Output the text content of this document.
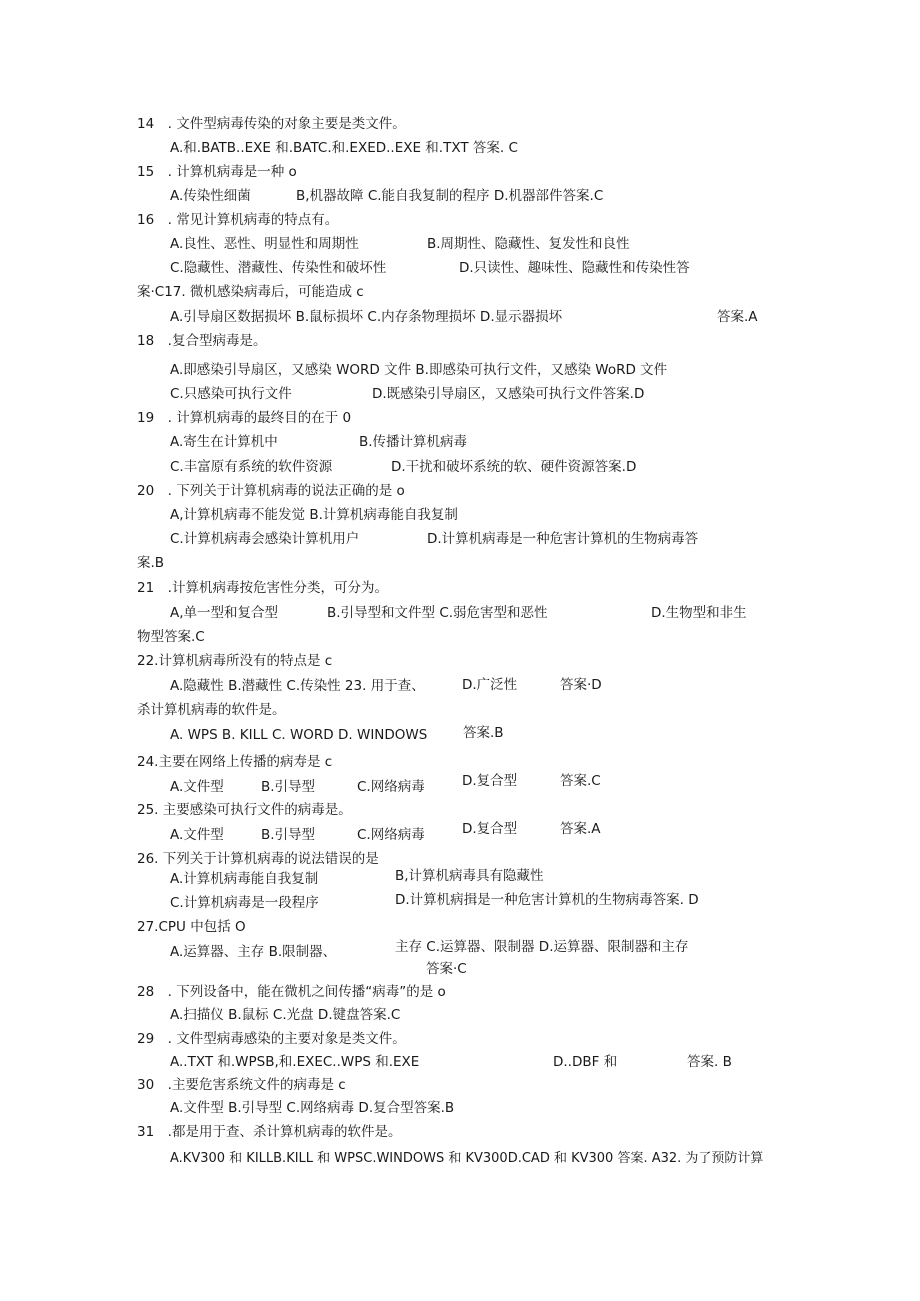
14　. 文件型病毒传染的对象主要是类文件。
A.和.BATB..EXE 和.BATC.和.EXED..EXE 和.TXT 答案. C
15　. 计算机病毒是一种 o
A.传染性细菌	B,机器故障 C.能自我复制的程序 D.机器部件答案.C
16　. 常见计算机病毒的特点有。
A.良性、恶性、明显性和周期性	B.周期性、隐藏性、复发性和良性
C.隐藏性、潜藏性、传染性和破坏性	D.只读性、趣味性、隐藏性和传染性答
案·C17. 微机感染病毒后，可能造成 c
A.引导扇区数据损坏 B.鼠标损坏 C.内存条物理损坏 D.显示器损坏	答案.A
18　.复合型病毒是。
A.即感染引导扇区，又感染 WORD 文件 B.即感染可执行文件，又感染 WoRD 文件
C.只感染可执行文件	D.既感染引导扇区，又感染可执行文件答案.D
19　. 计算机病毒的最终目的在于 0
A.寄生在计算机中	B.传播计算机病毒
C.丰富原有系统的软件资源	D.干扰和破坏系统的软、硬件资源答案.D
20　. 下列关于计算机病毒的说法正确的是 o
A,计算机病毒不能发觉 B.计算机病毒能自我复制
C.计算机病毒会感染计算机用户	D.计算机病毒是一种危害计算机的生物病毒答
案.B
21　.计算机病毒按危害性分类，可分为。
A,单一型和复合型	B.引导型和文件型 C.弱危害型和恶性	D.生物型和非生
物型答案.C
22.计算机病毒所没有的特点是 c
A.隐藏性 B.潜藏性 C.传染性 23. 用于查、	D.广泛性	答案·D
杀计算机病毒的软件是。
A. WPS B. KILL C. WORD D. WINDOWS	答案.B
24.主要在网络上传播的病寿是 c
A.文件型	B.引导型	C.网络病毒	D.复合型	答案.C
25. 主要感染可执行文件的病毒是。
A.文件型	B.引导型	C.网络病毒	D.复合型	答案.A
26. 下列关于计算机病毒的说法错误的是
A.计算机病毒能自我复制	B,计算机病毒具有隐藏性
C.计算机病毒是一段程序	D.计算机病揖是一种危害计算机的生物病毒答案. D
27.CPU 中包括 O
A.运算器、主存 B.限制器、	主存 C.运算器、限制器 D.运算器、限制器和主存
答案·C
28　. 下列设备中，能在微机之间传播“病毒”的是 o
A.扫描仪 B.鼠标 C.光盘 D.键盘答案.C
29　. 文件型病毒感染的主要对象是类文件。
A..TXT 和.WPSB,和.EXEC..WPS 和.EXE	D..DBF 和	答案. B
30　.主要危害系统文件的病毒是 c
A.文件型 B.引导型 C.网络病毒 D.复合型答案.B
31　.都是用于查、杀计算机病毒的软件是。
A.KV300 和 KILLB.KILL 和 WPSC.WINDOWS 和 KV300D.CAD 和 KV300 答案. A32. 为了预防计算
